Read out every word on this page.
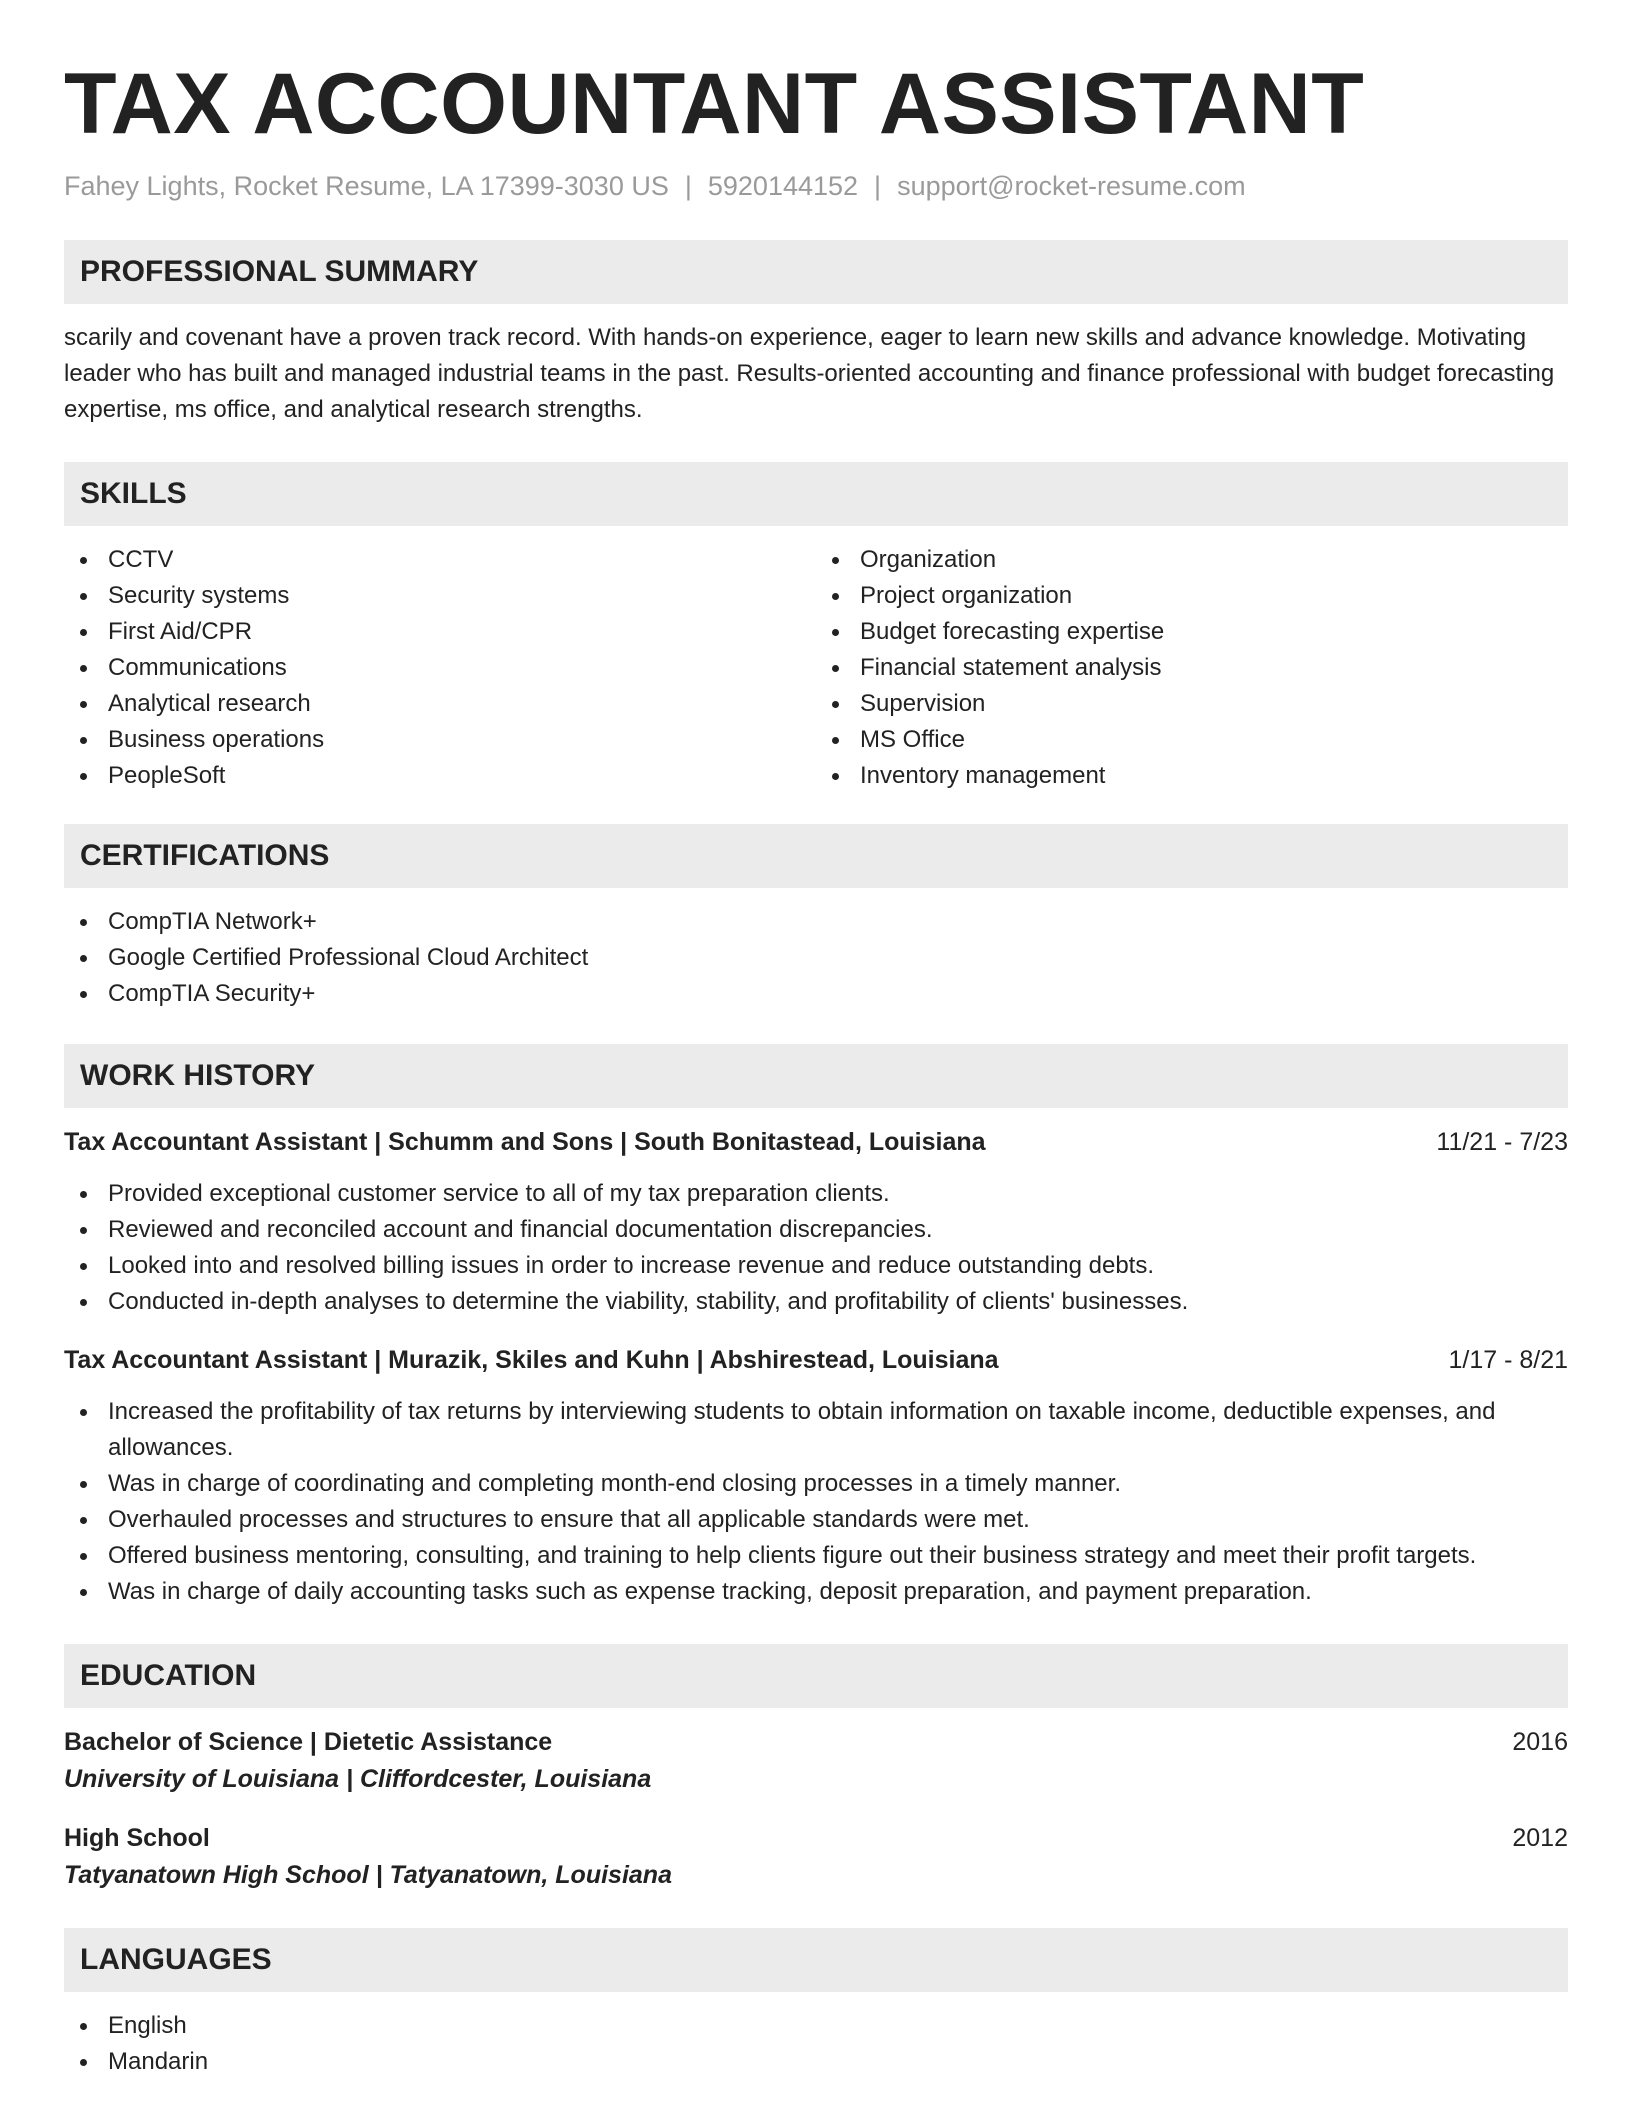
TAX ACCOUNTANT ASSISTANT
Fahey Lights, Rocket Resume, LA 17399-3030 US | 5920144152 | support@rocket-resume.com
PROFESSIONAL SUMMARY

scarily and covenant have a proven track record. With hands-on experience, eager to learn new skills and advance knowledge. Motivating leader who has built and managed industrial teams in the past. Results-oriented accounting and finance professional with budget forecasting expertise, ms office, and analytical research strengths.

SKILLS
CCTV
Security systems
First Aid/CPR
Communications
Analytical research
Business operations
PeopleSoft
Organization
Project organization
Budget forecasting expertise
Financial statement analysis
Supervision
MS Office
Inventory management
CERTIFICATIONS
CompTIA Network+
Google Certified Professional Cloud Architect
CompTIA Security+
WORK HISTORY
Tax Accountant Assistant | Schumm and Sons | South Bonitastead, Louisiana	11/21 - 7/23
Provided exceptional customer service to all of my tax preparation clients.
Reviewed and reconciled account and financial documentation discrepancies.
Looked into and resolved billing issues in order to increase revenue and reduce outstanding debts.
Conducted in-depth analyses to determine the viability, stability, and profitability of clients' businesses.
Tax Accountant Assistant | Murazik, Skiles and Kuhn | Abshirestead, Louisiana	1/17 - 8/21
Increased the profitability of tax returns by interviewing students to obtain information on taxable income, deductible expenses, and allowances.
Was in charge of coordinating and completing month-end closing processes in a timely manner.
Overhauled processes and structures to ensure that all applicable standards were met.
Offered business mentoring, consulting, and training to help clients figure out their business strategy and meet their profit targets.
Was in charge of daily accounting tasks such as expense tracking, deposit preparation, and payment preparation.
EDUCATION
Bachelor of Science | Dietetic Assistance	2016
University of Louisiana | Cliffordcester, Louisiana
High School	2012
Tatyanatown High School | Tatyanatown, Louisiana
LANGUAGES
English
Mandarin
